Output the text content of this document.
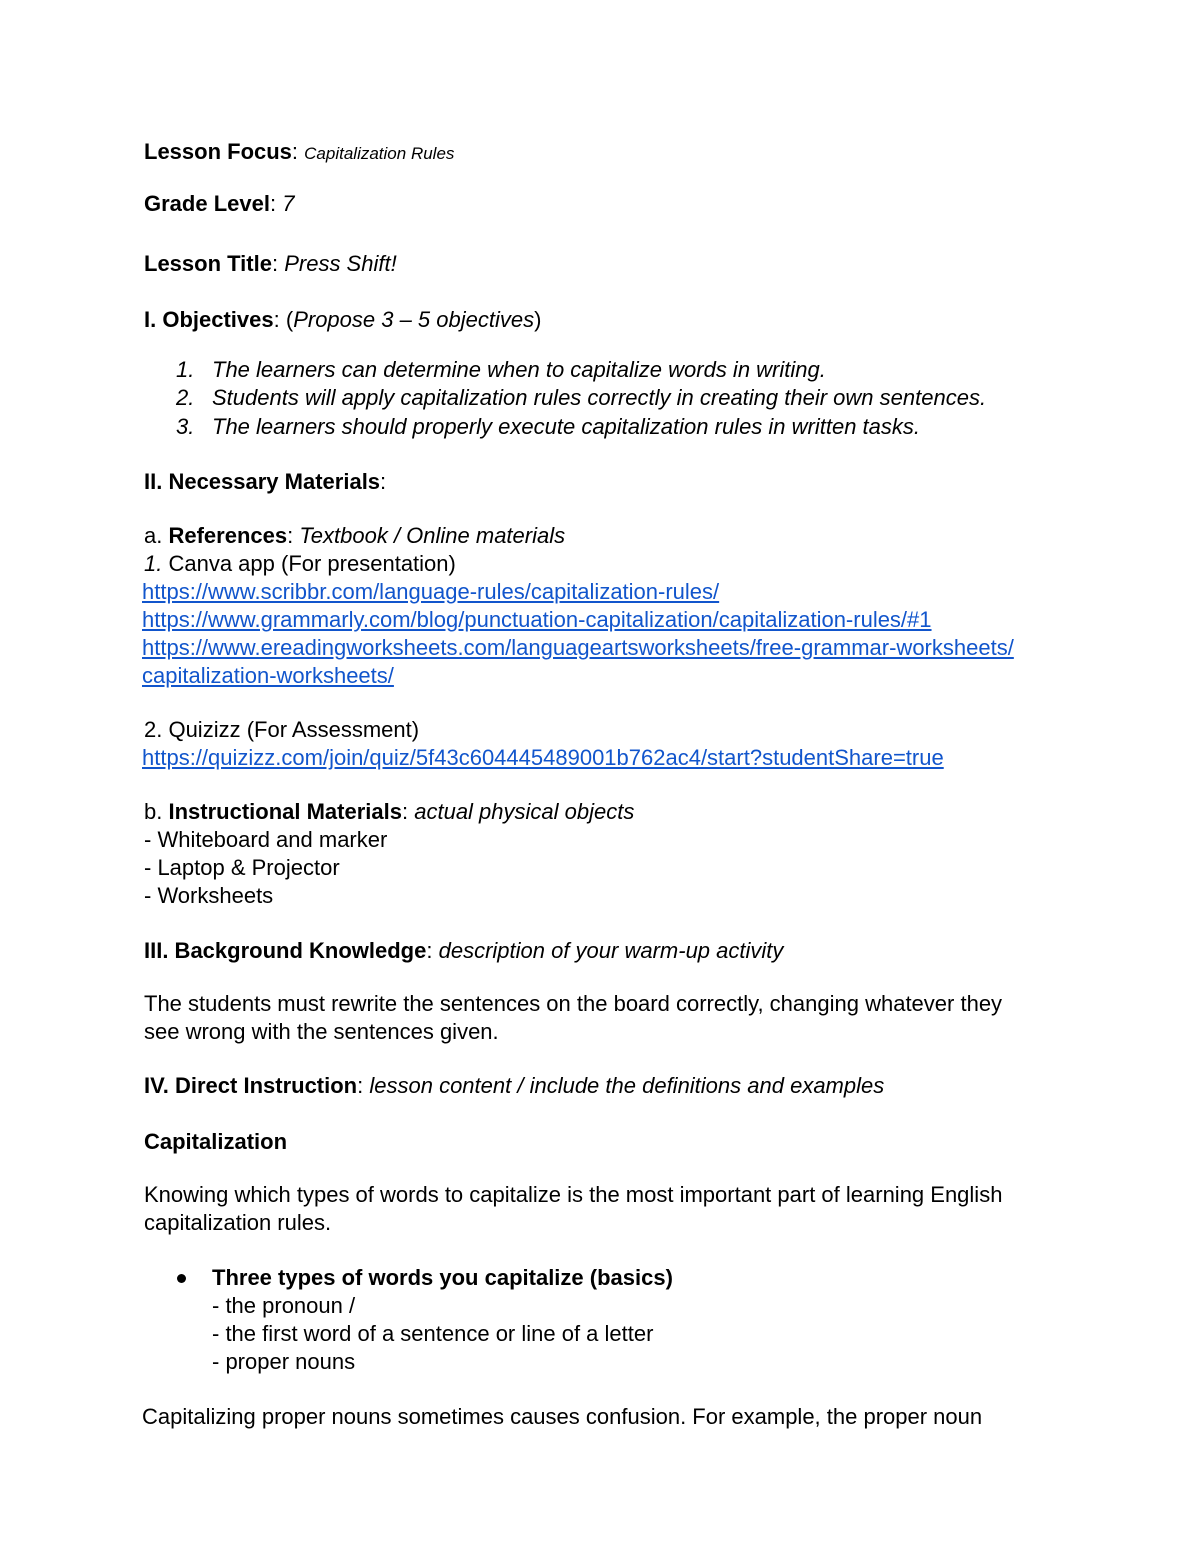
Lesson Focus: Capitalization Rules
Grade Level: 7
Lesson Title: Press Shift!
I. Objectives: (Propose 3 – 5 objectives)
1. The learners can determine when to capitalize words in writing.
2. Students will apply capitalization rules correctly in creating their own sentences.
3. The learners should properly execute capitalization rules in written tasks.
II. Necessary Materials:
a. References: Textbook / Online materials
1. Canva app (For presentation)
https://www.scribbr.com/language-rules/capitalization-rules/
https://www.grammarly.com/blog/punctuation-capitalization/capitalization-rules/#1
https://www.ereadingworksheets.com/languageartsworksheets/free-grammar-worksheets/
capitalization-worksheets/
2. Quizizz (For Assessment)
https://quizizz.com/join/quiz/5f43c604445489001b762ac4/start?studentShare=true
b. Instructional Materials: actual physical objects
- Whiteboard and marker
- Laptop & Projector
- Worksheets
III. Background Knowledge: description of your warm-up activity
The students must rewrite the sentences on the board correctly, changing whatever they
see wrong with the sentences given.
IV. Direct Instruction: lesson content / include the definitions and examples
Capitalization
Knowing which types of words to capitalize is the most important part of learning English
capitalization rules.
Three types of words you capitalize (basics)
- the pronoun /
- the first word of a sentence or line of a letter
- proper nouns
Capitalizing proper nouns sometimes causes confusion. For example, the proper noun
